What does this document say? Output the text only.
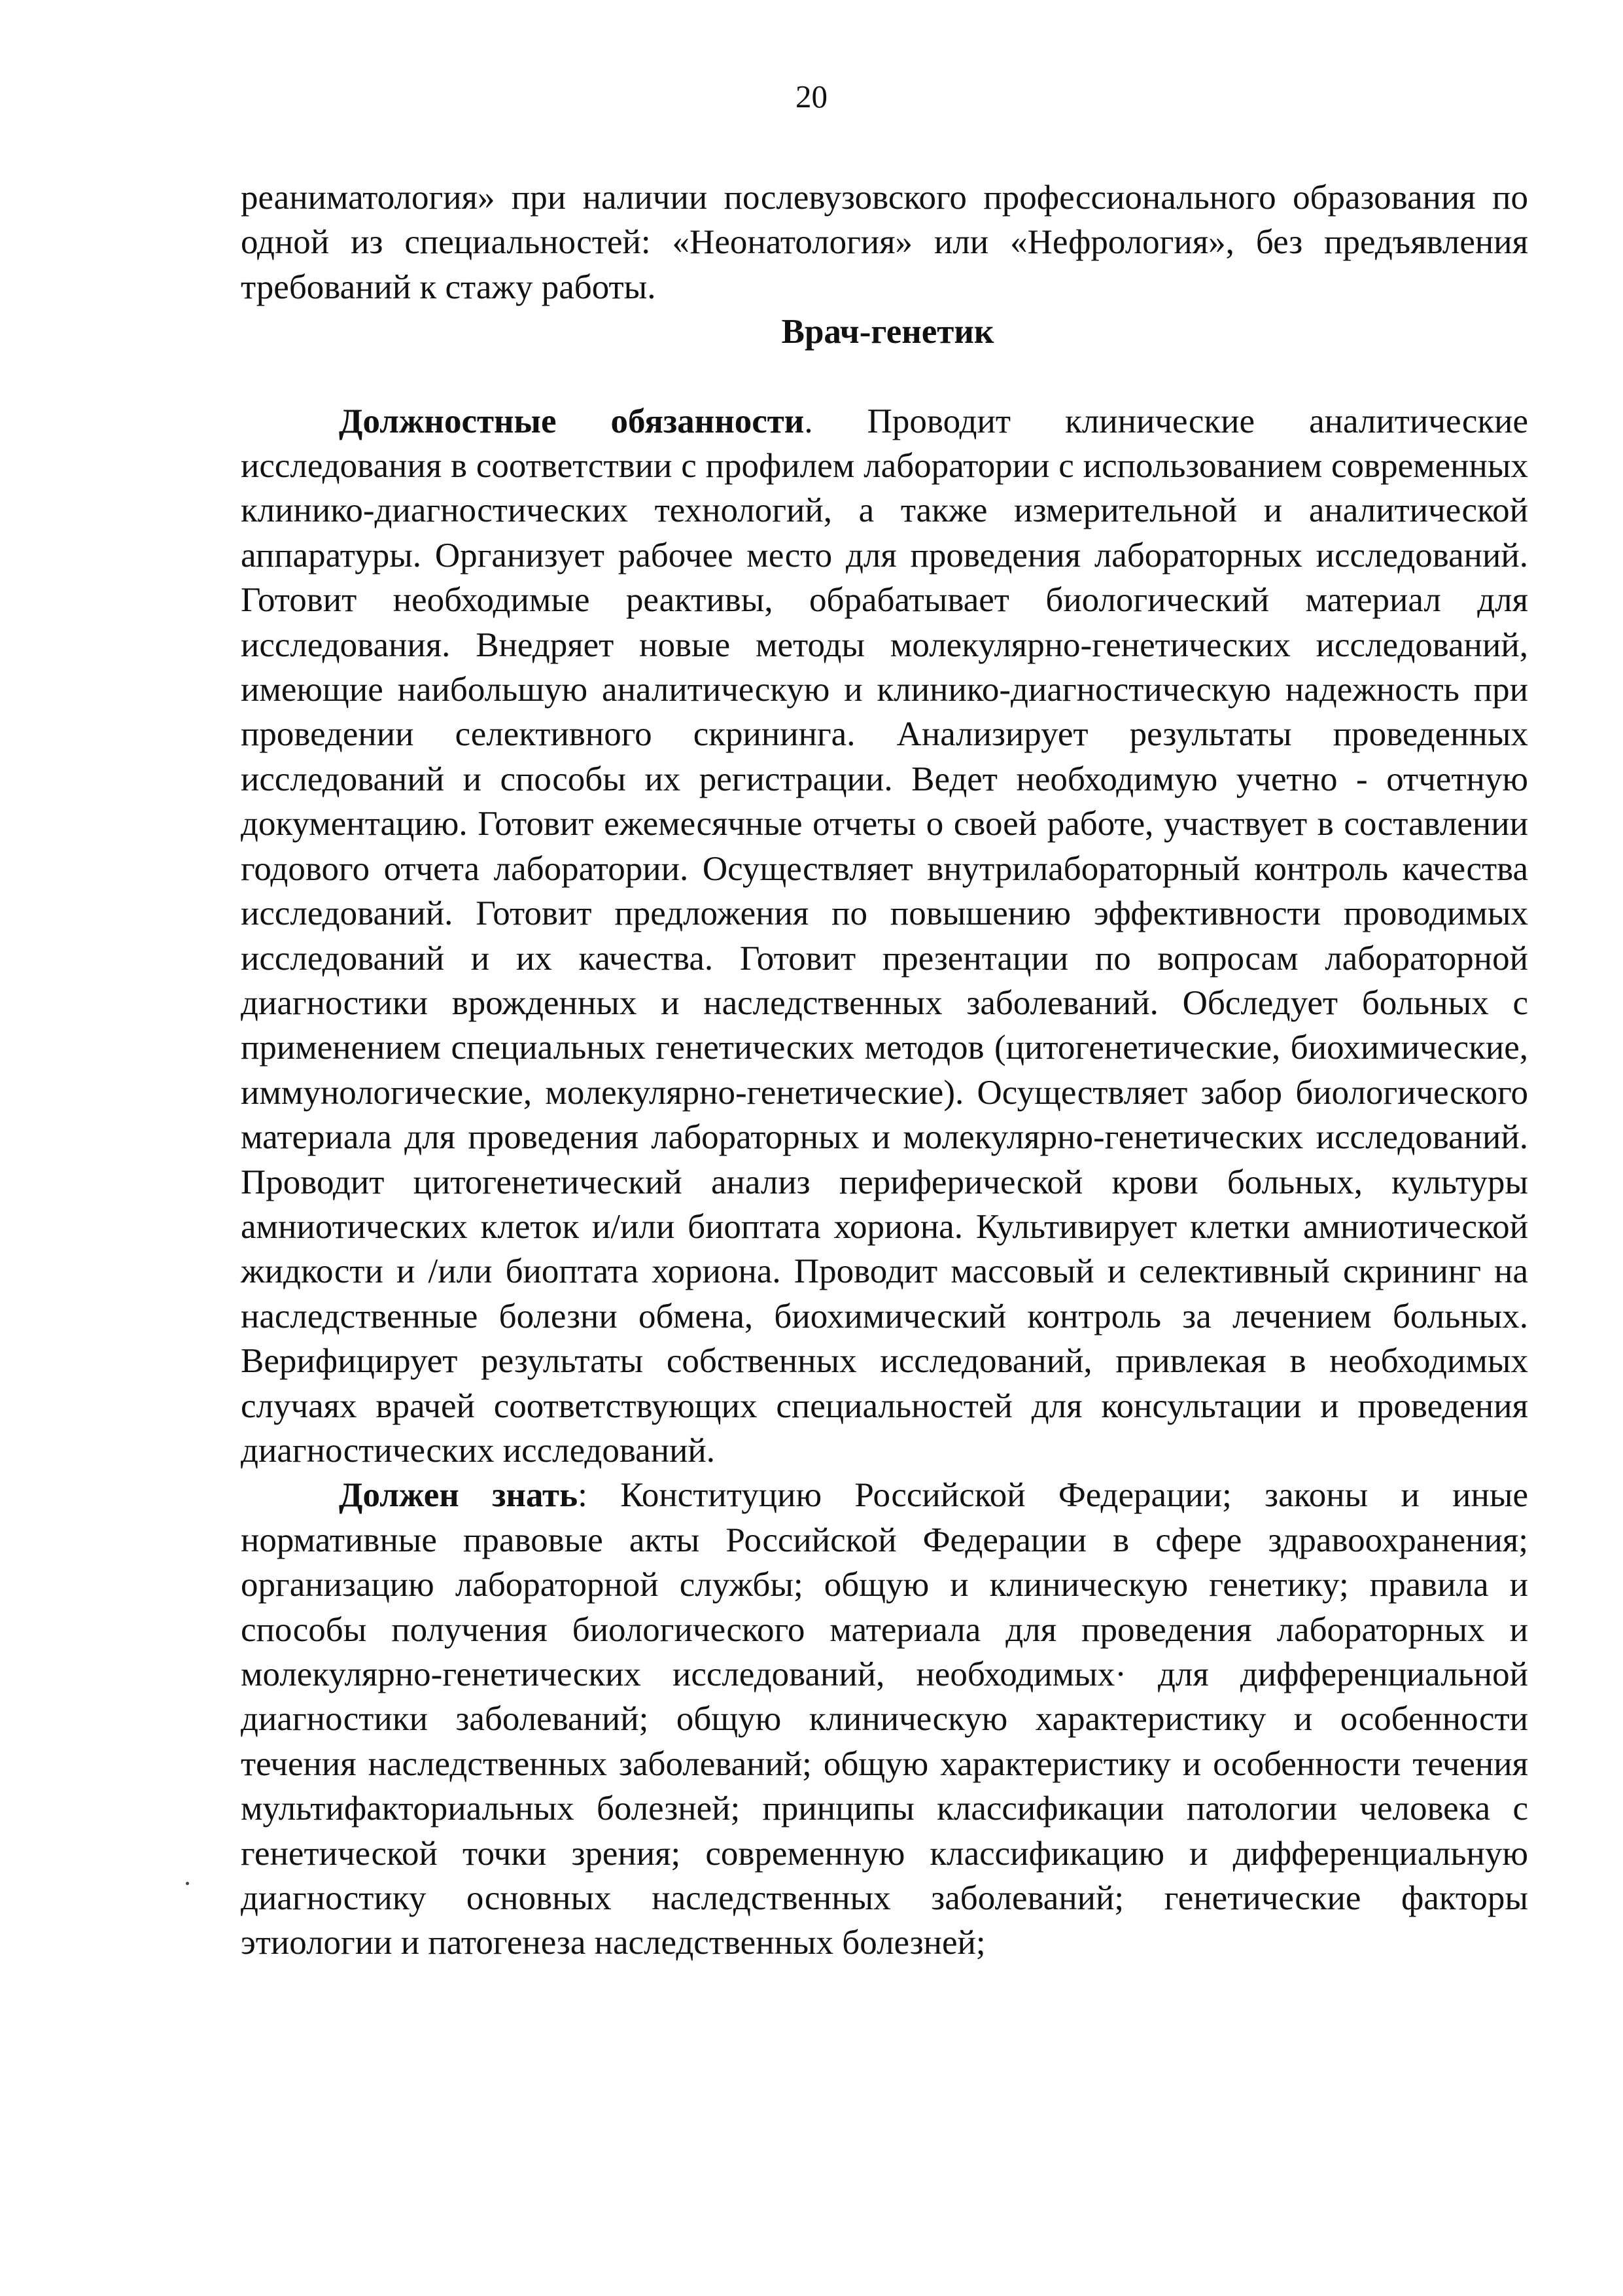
20

реаниматология» при наличии послевузовского профессионального образования по одной из специальностей: «Неонатология» или «Нефрология», без предъявления требований к стажу работы.

Врач-генетик

Должностные обязанности. Проводит клинические аналитические исследования в соответствии с профилем лаборатории с использованием современных клинико-диагностических технологий, а также измерительной и аналитической аппаратуры. Организует рабочее место для проведения лабораторных исследований. Готовит необходимые реактивы, обрабатывает биологический материал для исследования. Внедряет новые методы молекулярно-генетических исследований, имеющие наибольшую аналитическую и клинико-диагностическую надежность при проведении селективного скрининга. Анализирует результаты проведенных исследований и способы их регистрации. Ведет необходимую учетно - отчетную документацию. Готовит ежемесячные отчеты о своей работе, участвует в составлении годового отчета лаборатории. Осуществляет внутрилабораторный контроль качества исследований. Готовит предложения по повышению эффективности проводимых исследований и их качества. Готовит презентации по вопросам лабораторной диагностики врожденных и наследственных заболеваний. Обследует больных с применением специальных генетических методов (цитогенетические, биохимические, иммунологические, молекулярно-генетические). Осуществляет забор биологического материала для проведения лабораторных и молекулярно-генетических исследований. Проводит цитогенетический анализ периферической крови больных, культуры амниотических клеток и/или биоптата хориона. Культивирует клетки амниотической жидкости и /или биоптата хориона. Проводит массовый и селективный скрининг на наследственные болезни обмена, биохимический контроль за лечением больных. Верифицирует результаты собственных исследований, привлекая в необходимых случаях врачей соответствующих специальностей для консультации и проведения диагностических исследований.

Должен знать: Конституцию Российской Федерации; законы и иные нормативные правовые акты Российской Федерации в сфере здравоохранения; организацию лабораторной службы; общую и клиническую генетику; правила и способы получения биологического материала для проведения лабораторных и молекулярно-генетических исследований, необходимых· для дифференциальной диагностики заболеваний; общую клиническую характеристику и особенности течения наследственных заболеваний; общую характеристику и особенности течения мультифакториальных болезней; принципы классификации патологии человека с генетической точки зрения; современную классификацию и дифференциальную диагностику основных наследственных заболеваний; генетические факторы этиологии и патогенеза наследственных болезней;
